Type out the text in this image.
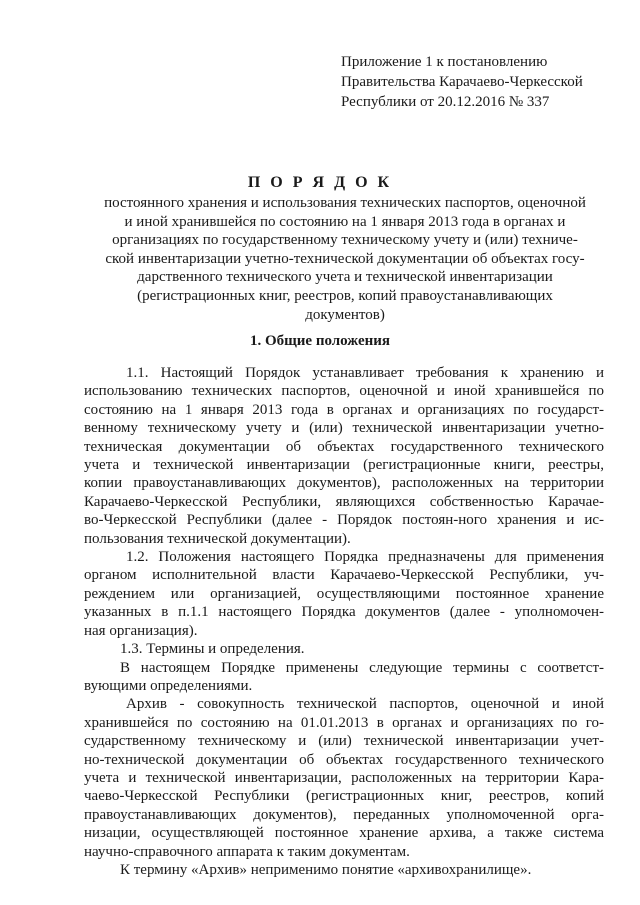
Приложение 1 к постановлению
Правительства Карачаево-Черкесской
Республики от 20.12.2016 № 337
П О Р Я Д О К
постоянного хранения и использования технических паспортов, оценочной
и иной хранившейся по состоянию на 1 января 2013 года в органах и
организациях по государственному техническому учету и (или) техниче-
ской инвентаризации учетно-технической документации об объектах госу-
дарственного технического учета и технической инвентаризации
(регистрационных книг, реестров, копий правоустанавливающих
документов)
1. Общие положения
1.1. Настоящий Порядок устанавливает требования к хранению и
использованию технических паспортов, оценочной и иной хранившейся по
состоянию на 1 января 2013 года в органах и организациях по государст-
венному техническому учету и (или) технической инвентаризации учетно-
техническая документации об объектах государственного технического
учета и технической инвентаризации (регистрационные книги, реестры,
копии правоустанавливающих документов), расположенных на территории
Карачаево-Черкесской Республики, являющихся собственностью Карачае-
во-Черкесской Республики (далее - Порядок постоян-ного хранения и ис-
пользования технической документации).
1.2. Положения настоящего Порядка предназначены для применения
органом исполнительной власти Карачаево-Черкесской Республики, уч-
реждением или организацией, осуществляющими постоянное хранение
указанных в п.1.1 настоящего Порядка документов (далее - уполномочен-
ная организация).
1.3. Термины и определения.
В настоящем Порядке применены следующие термины с соответст-
вующими определениями.
Архив - совокупность технической паспортов, оценочной и иной
хранившейся по состоянию на 01.01.2013 в органах и организациях по го-
сударственному техническому и (или) технической инвентаризации учет-
но-технической документации об объектах государственного технического
учета и технической инвентаризации, расположенных на территории Кара-
чаево-Черкесской Республики (регистрационных книг, реестров, копий
правоустанавливающих документов), переданных уполномоченной орга-
низации, осуществляющей постоянное хранение архива, а также система
научно-справочного аппарата к таким документам.
К термину «Архив» неприменимо понятие «архивохранилище».
